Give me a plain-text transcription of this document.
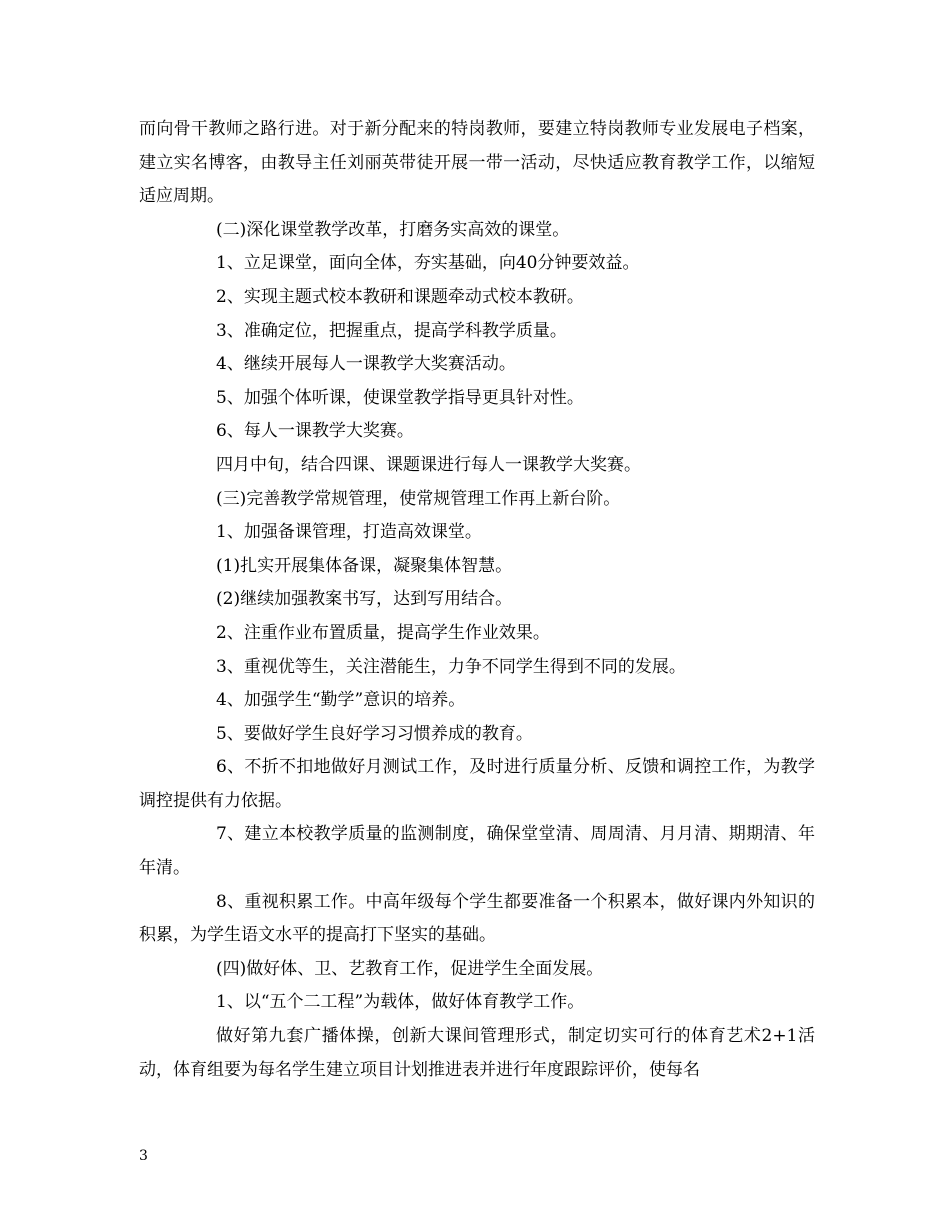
而向骨干教师之路行进。对于新分配来的特岗教师，要建立特岗教师专业发展电子档案，建立实名博客，由教导主任刘丽英带徒开展一带一活动，尽快适应教育教学工作，以缩短适应周期。

(二)深化课堂教学改革，打磨务实高效的课堂。

1、立足课堂，面向全体，夯实基础，向40分钟要效益。

2、实现主题式校本教研和课题牵动式校本教研。

3、准确定位，把握重点，提高学科教学质量。

4、继续开展每人一课教学大奖赛活动。

5、加强个体听课，使课堂教学指导更具针对性。

6、每人一课教学大奖赛。

四月中旬，结合四课、课题课进行每人一课教学大奖赛。

(三)完善教学常规管理，使常规管理工作再上新台阶。

1、加强备课管理，打造高效课堂。

(1)扎实开展集体备课，凝聚集体智慧。

(2)继续加强教案书写，达到写用结合。

2、注重作业布置质量，提高学生作业效果。

3、重视优等生，关注潜能生，力争不同学生得到不同的发展。

4、加强学生“勤学”意识的培养。

5、要做好学生良好学习习惯养成的教育。

6、不折不扣地做好月测试工作，及时进行质量分析、反馈和调控工作，为教学调控提供有力依据。

7、建立本校教学质量的监测制度，确保堂堂清、周周清、月月清、期期清、年年清。

8、重视积累工作。中高年级每个学生都要准备一个积累本，做好课内外知识的积累，为学生语文水平的提高打下坚实的基础。

(四)做好体、卫、艺教育工作，促进学生全面发展。

1、以“五个二工程”为载体，做好体育教学工作。

做好第九套广播体操，创新大课间管理形式，制定切实可行的体育艺术2+1活动，体育组要为每名学生建立项目计划推进表并进行年度跟踪评价，使每名

3
